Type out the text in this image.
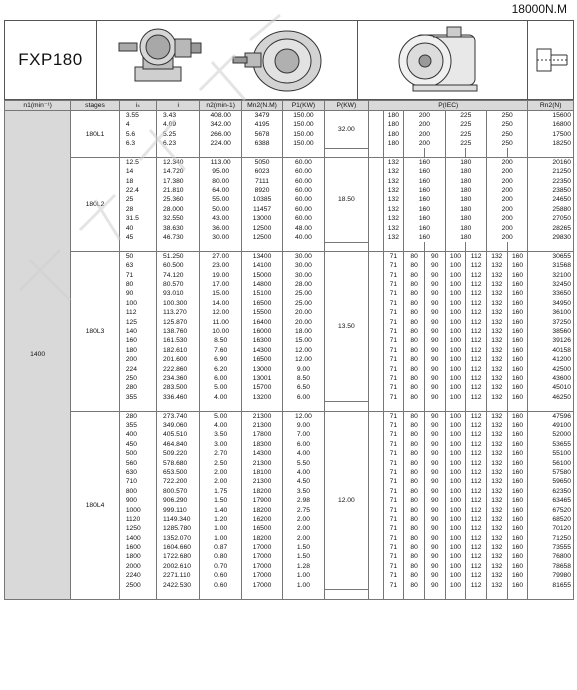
18000N.M
FXP180
n1(min⁻¹)	stages	iₛ	i	n2(min-1)	Mn2(N.M)	P1(KW)	P(KW)	P(IEC)								Rn2(N)
1400	180L1	3.55	3.43	408.00	3479	150.00	32.00		180	200		225		250		15600
		4	4.09	342.00	4195	150.00			180	200		225		250		16800
		5.6	5.25	266.00	5678	150.00			180	200		225		250		17500
		6.3	6.23	224.00	6388	150.00			180	200		225		250		18250

	180L2	12.5	12.340	113.00	5050	60.00	18.50		132	160		180		200		20160
		14	14.720	95.00	6023	60.00			132	160		180		200		21250
		18	17.380	80.00	7111	60.00			132	160		180		200		22350
		22.4	21.810	64.00	8920	60.00			132	160		180		200		23850
		25	25.360	55.00	10385	60.00			132	160		180		200		24650
		28	28.000	50.00	11457	60.00			132	160		180		200		25880
		31.5	32.550	43.00	13000	60.00			132	160		180		200		27050
		40	38.630	36.00	12500	48.00			132	160		180		200		28265
		45	46.730	30.00	12500	40.00			132	160		180		200		29830

	180L3	50	51.250	27.00	13400	30.00	13.50		71	80	90	100	112	132	160	30655
		63	60.500	23.00	14100	30.00			71	80	90	100	112	132	160	31568
		71	74.120	19.00	15000	30.00			71	80	90	100	112	132	160	32100
		80	80.570	17.00	14800	28.00			71	80	90	100	112	132	160	32450
		90	93.010	15.00	15100	25.00			71	80	90	100	112	132	160	33650
		100	100.300	14.00	16500	25.00			71	80	90	100	112	132	160	34950
		112	113.270	12.00	15500	20.00			71	80	90	100	112	132	160	36100
		125	125.870	11.00	16400	20.00			71	80	90	100	112	132	160	37250
		140	138.760	10.00	16000	18.00			71	80	90	100	112	132	160	38560
		160	161.530	8.50	16300	15.00			71	80	90	100	112	132	160	39126
		180	182.610	7.60	14300	12.00			71	80	90	100	112	132	160	40158
		200	201.600	6.90	16500	12.00			71	80	90	100	112	132	160	41200
		224	222.860	6.20	13000	9.00			71	80	90	100	112	132	160	42500
		250	234.360	6.00	13001	8.50			71	80	90	100	112	132	160	43600
		280	283.500	5.00	15700	6.50			71	80	90	100	112	132	160	45010
		355	336.460	4.00	13200	6.00			71	80	90	100	112	132	160	46250

	180L4	280	273.740	5.00	21300	12.00	12.00		71	80	90	100	112	132	160	47596
		355	349.060	4.00	21300	9.00			71	80	90	100	112	132	160	49100
		400	405.510	3.50	17800	7.00			71	80	90	100	112	132	160	52000
		450	464.840	3.00	18300	6.00			71	80	90	100	112	132	160	53655
		500	509.220	2.70	14300	4.00			71	80	90	100	112	132	160	55100
		560	578.680	2.50	21300	5.50			71	80	90	100	112	132	160	56100
		630	653.500	2.00	18100	4.00			71	80	90	100	112	132	160	57580
		710	722.200	2.00	21300	4.50			71	80	90	100	112	132	160	59650
		800	800.570	1.75	18200	3.50			71	80	90	100	112	132	160	62350
		900	906.290	1.50	17900	2.98			71	80	90	100	112	132	160	63465
		1000	999.110	1.40	18200	2.75			71	80	90	100	112	132	160	67520
		1120	1149.340	1.20	16200	2.00			71	80	90	100	112	132	160	68520
		1250	1285.780	1.00	16500	2.00			71	80	90	100	112	132	160	70120
		1400	1352.070	1.00	18200	2.00			71	80	90	100	112	132	160	71250
		1600	1604.660	0.87	17000	1.50			71	80	90	100	112	132	160	73555
		1800	1722.680	0.80	17000	1.50			71	80	90	100	112	132	160	76800
		2000	2002.610	0.70	17000	1.28			71	80	90	100	112	132	160	78658
		2240	2271.110	0.60	17000	1.00			71	80	90	100	112	132	160	79980
		2500	2422.530	0.60	17000	1.00			71	80	90	100	112	132	160	81655
